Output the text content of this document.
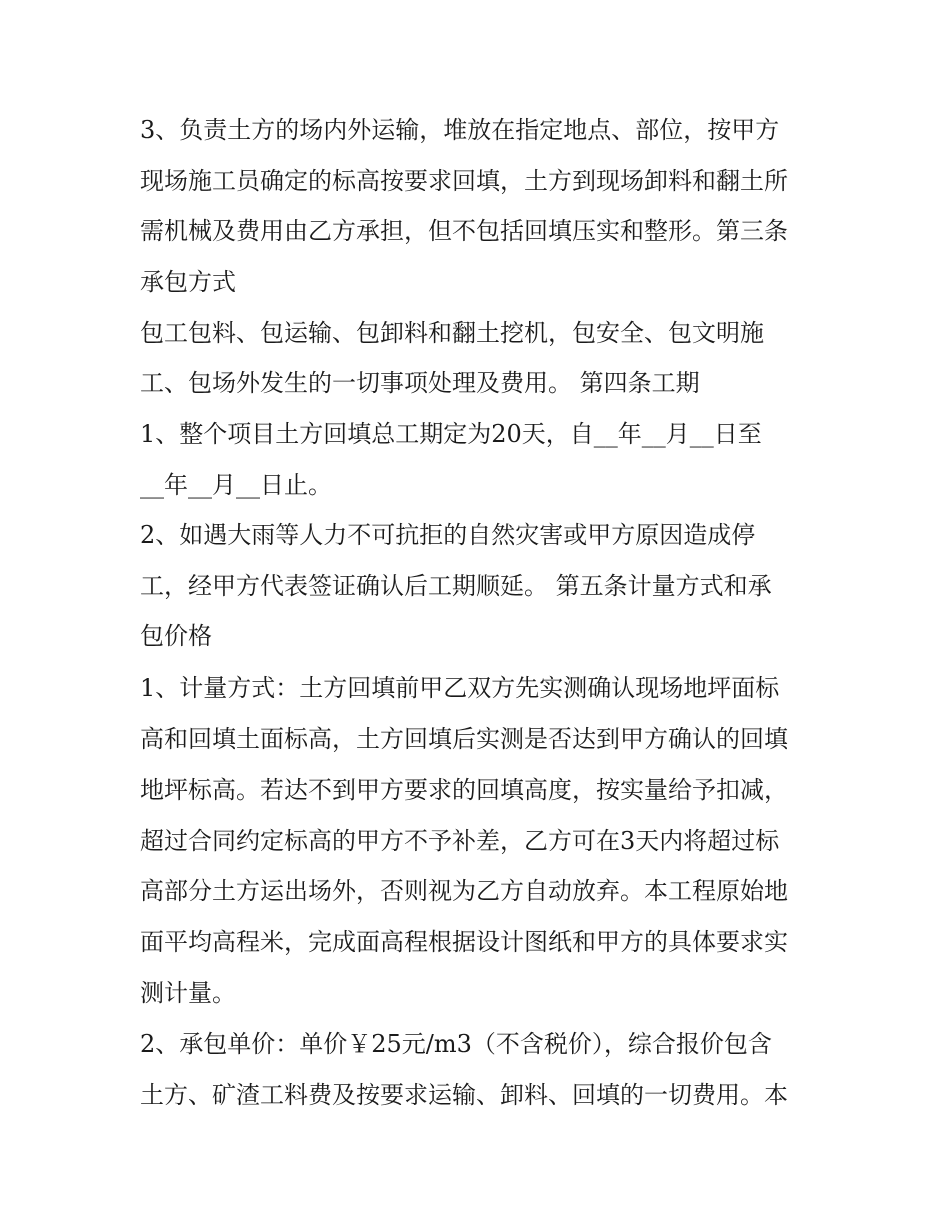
3、负责土方的场内外运输，堆放在指定地点、部位，按甲方

现场施工员确定的标高按要求回填，土方到现场卸料和翻土所

需机械及费用由乙方承担，但不包括回填压实和整形。第三条

承包方式

包工包料、包运输、包卸料和翻土挖机，包安全、包文明施

工、包场外发生的一切事项处理及费用。 第四条工期

1、整个项目土方回填总工期定为20天，自__年__月__日至

__年__月__日止。

2、如遇大雨等人力不可抗拒的自然灾害或甲方原因造成停

工，经甲方代表签证确认后工期顺延。 第五条计量方式和承

包价格

1、计量方式：土方回填前甲乙双方先实测确认现场地坪面标

高和回填土面标高，土方回填后实测是否达到甲方确认的回填

地坪标高。若达不到甲方要求的回填高度，按实量给予扣减，

超过合同约定标高的甲方不予补差，乙方可在3天内将超过标

高部分土方运出场外，否则视为乙方自动放弃。本工程原始地

面平均高程米，完成面高程根据设计图纸和甲方的具体要求实

测计量。

2、承包单价：单价￥25元/m3（不含税价），综合报价包含

土方、矿渣工料费及按要求运输、卸料、回填的一切费用。本
